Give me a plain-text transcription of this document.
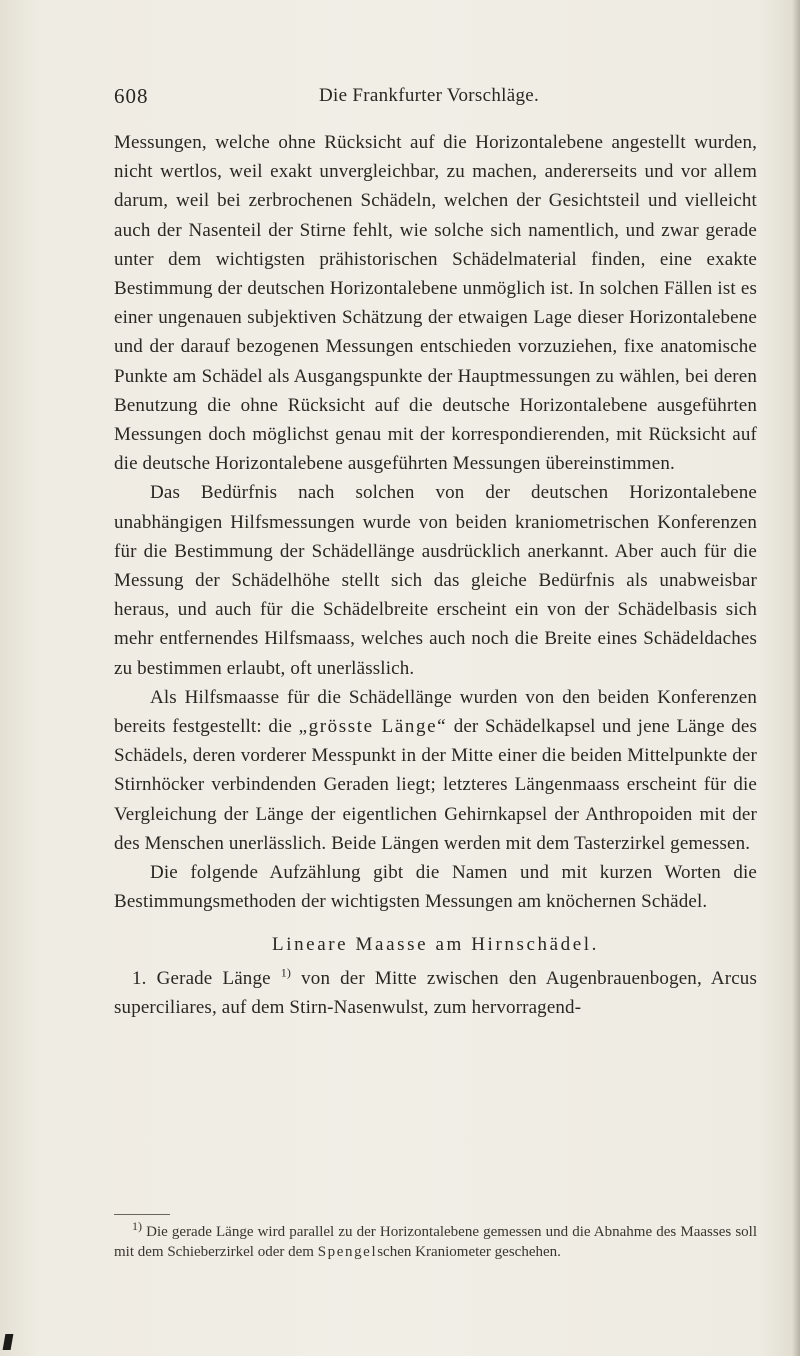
608	Die Frankfurter Vorschläge.

Messungen, welche ohne Rücksicht auf die Horizontalebene angestellt wurden, nicht wertlos, weil exakt unvergleichbar, zu machen, andererseits und vor allem darum, weil bei zerbrochenen Schädeln, welchen der Gesichtsteil und vielleicht auch der Nasenteil der Stirne fehlt, wie solche sich namentlich, und zwar gerade unter dem wichtigsten prähistorischen Schädelmaterial finden, eine exakte Bestimmung der deutschen Horizontalebene unmöglich ist. In solchen Fällen ist es einer ungenauen subjektiven Schätzung der etwaigen Lage dieser Horizontalebene und der darauf bezogenen Messungen entschieden vorzuziehen, fixe anatomische Punkte am Schädel als Ausgangspunkte der Hauptmessungen zu wählen, bei deren Benutzung die ohne Rücksicht auf die deutsche Horizontalebene ausgeführten Messungen doch möglichst genau mit der korrespondierenden, mit Rücksicht auf die deutsche Horizontalebene ausgeführten Messungen übereinstimmen.

Das Bedürfnis nach solchen von der deutschen Horizontalebene unabhängigen Hilfsmessungen wurde von beiden kraniometrischen Konferenzen für die Bestimmung der Schädellänge ausdrücklich anerkannt. Aber auch für die Messung der Schädelhöhe stellt sich das gleiche Bedürfnis als unabweisbar heraus, und auch für die Schädelbreite erscheint ein von der Schädelbasis sich mehr entfernendes Hilfsmaass, welches auch noch die Breite eines Schädeldaches zu bestimmen erlaubt, oft unerlässlich.

Als Hilfsmaasse für die Schädellänge wurden von den beiden Konferenzen bereits festgestellt: die „grösste Länge“ der Schädelkapsel und jene Länge des Schädels, deren vorderer Messpunkt in der Mitte einer die beiden Mittelpunkte der Stirnhöcker verbindenden Geraden liegt; letzteres Längenmaass erscheint für die Vergleichung der Länge der eigentlichen Gehirnkapsel der Anthropoiden mit der des Menschen unerlässlich. Beide Längen werden mit dem Tasterzirkel gemessen.

Die folgende Aufzählung gibt die Namen und mit kurzen Worten die Bestimmungsmethoden der wichtigsten Messungen am knöchernen Schädel.

Lineare Maasse am Hirnschädel.

1. Gerade Länge $^{1)}$ von der Mitte zwischen den Augenbrauenbogen, Arcus superciliares, auf dem Stirn-Nasenwulst, zum hervorragend-

$^{1)}$ Die gerade Länge wird parallel zu der Horizontalebene gemessen und die Abnahme des Maasses soll mit dem Schieberzirkel oder dem Spengelschen Kraniometer geschehen.
